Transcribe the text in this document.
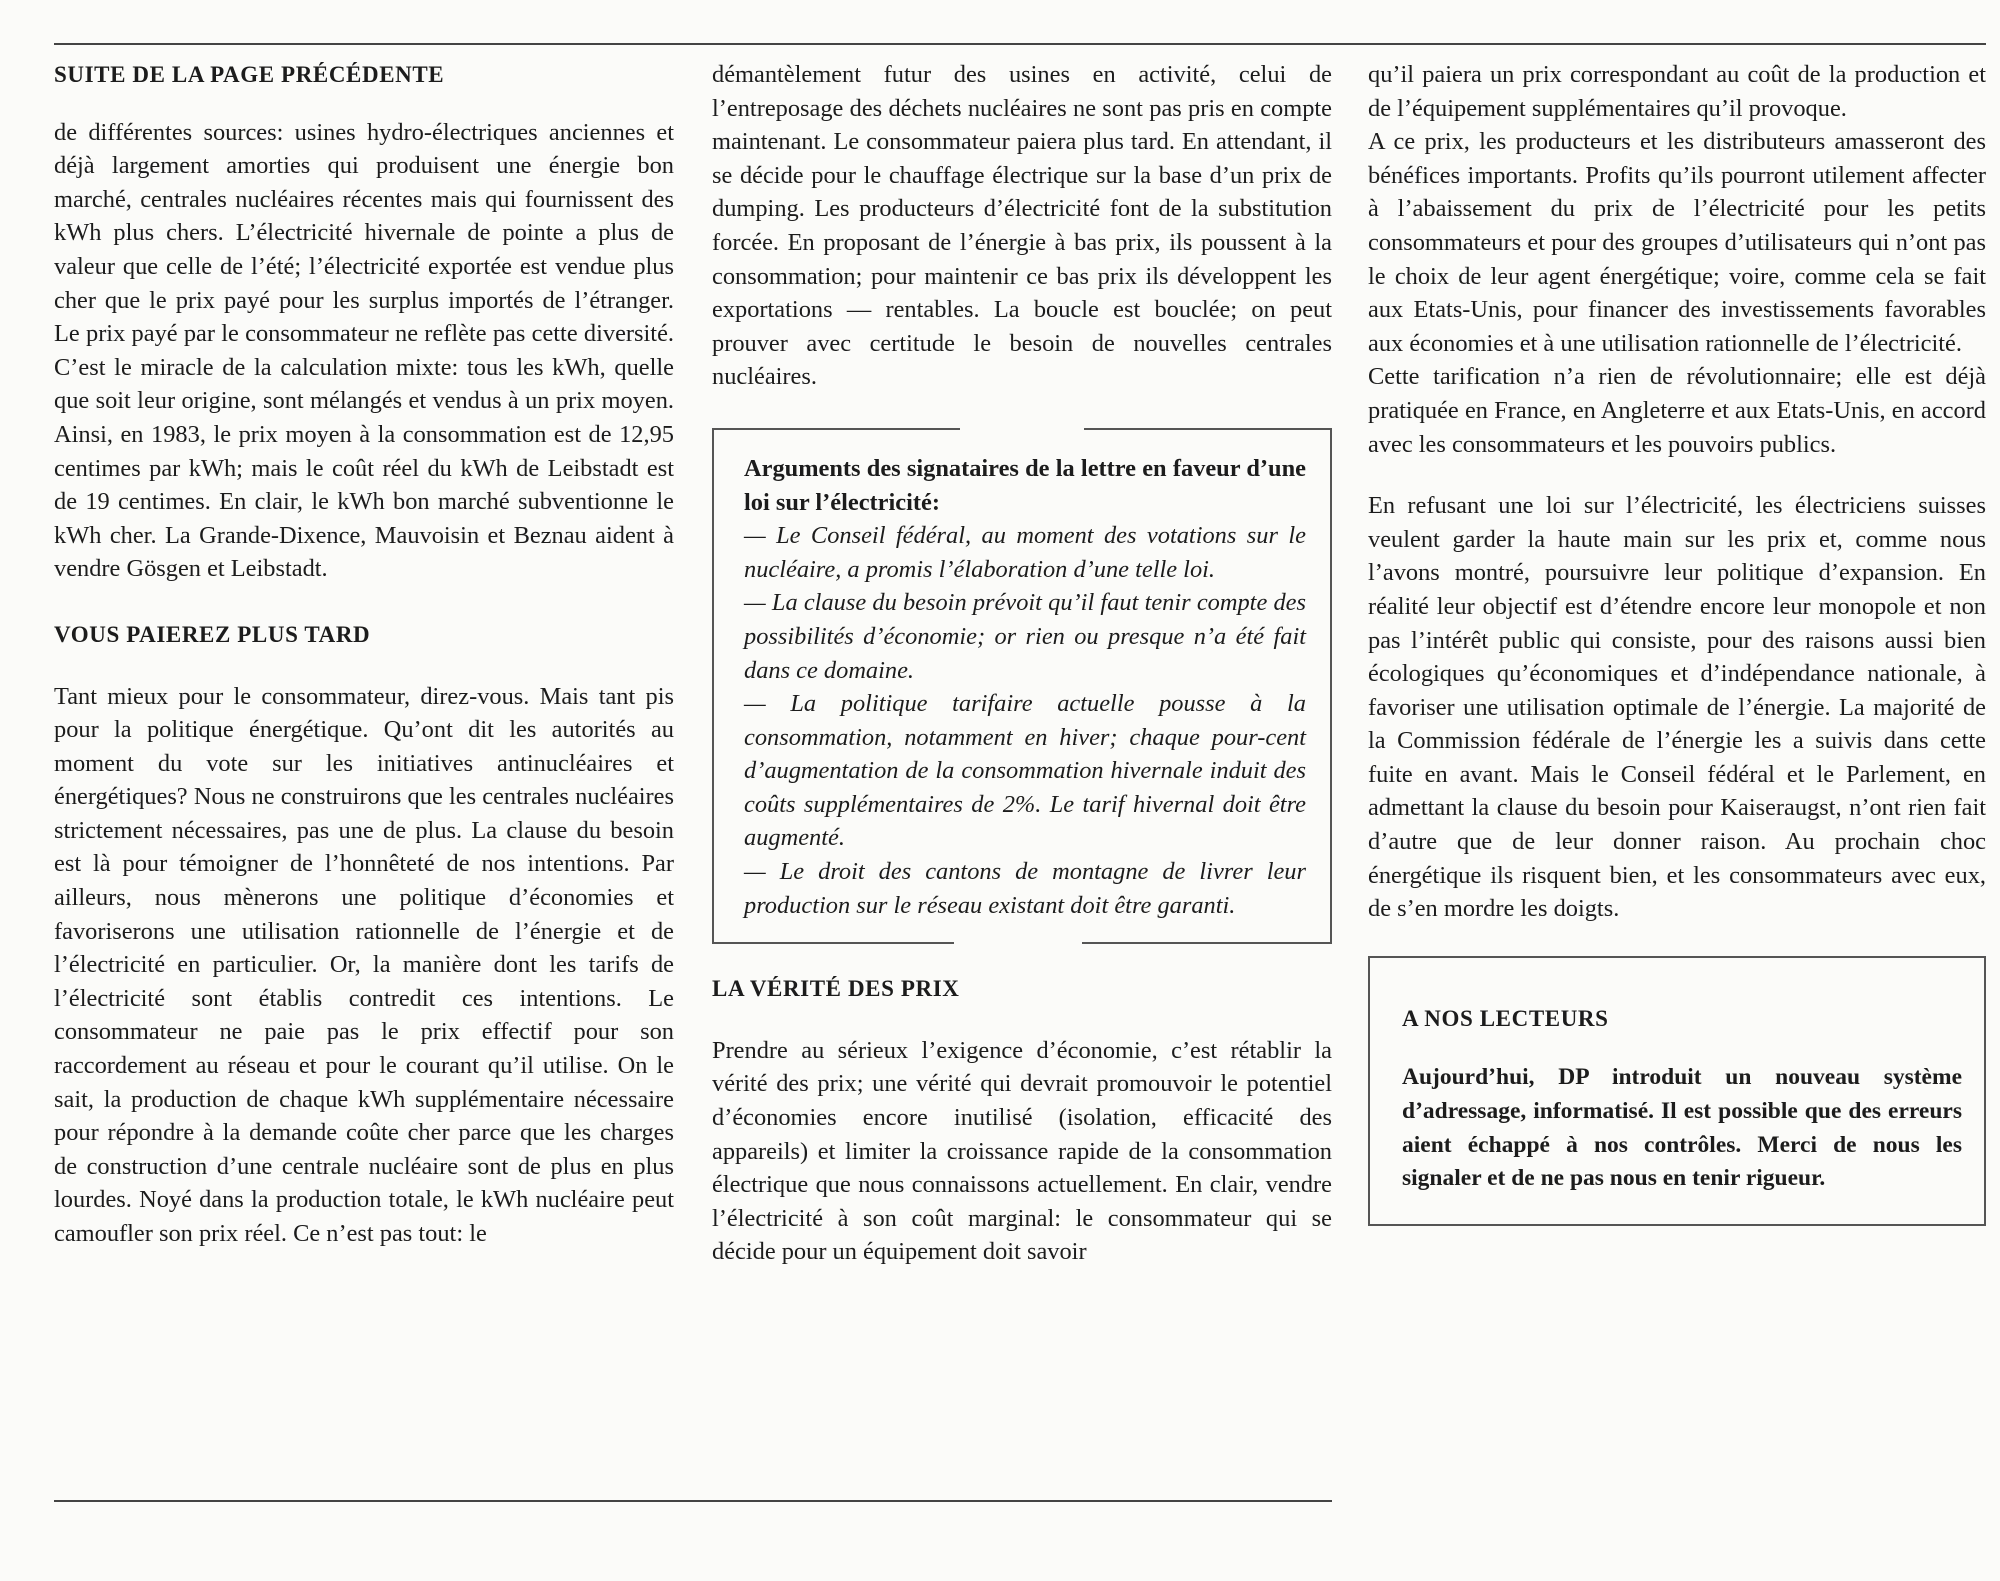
SUITE DE LA PAGE PRÉCÉDENTE

de différentes sources: usines hydro-électriques anciennes et déjà largement amorties qui produisent une énergie bon marché, centrales nucléaires récentes mais qui fournissent des kWh plus chers. L’électricité hivernale de pointe a plus de valeur que celle de l’été; l’électricité exportée est vendue plus cher que le prix payé pour les surplus importés de l’étranger. Le prix payé par le consommateur ne reflète pas cette diversité. C’est le miracle de la calculation mixte: tous les kWh, quelle que soit leur origine, sont mélangés et vendus à un prix moyen. Ainsi, en 1983, le prix moyen à la consommation est de 12,95 centimes par kWh; mais le coût réel du kWh de Leibstadt est de 19 centimes. En clair, le kWh bon marché subventionne le kWh cher. La Grande-Dixence, Mauvoisin et Beznau aident à vendre Gösgen et Leibstadt.

VOUS PAIEREZ PLUS TARD

Tant mieux pour le consommateur, direz-vous. Mais tant pis pour la politique énergétique. Qu’ont dit les autorités au moment du vote sur les initiatives antinucléaires et énergétiques? Nous ne construirons que les centrales nucléaires strictement nécessaires, pas une de plus. La clause du besoin est là pour témoigner de l’honnêteté de nos intentions. Par ailleurs, nous mènerons une politique d’économies et favoriserons une utilisation rationnelle de l’énergie et de l’électricité en particulier. Or, la manière dont les tarifs de l’électricité sont établis contredit ces intentions. Le consommateur ne paie pas le prix effectif pour son raccordement au réseau et pour le courant qu’il utilise. On le sait, la production de chaque kWh supplémentaire nécessaire pour répondre à la demande coûte cher parce que les charges de construction d’une centrale nucléaire sont de plus en plus lourdes. Noyé dans la production totale, le kWh nucléaire peut camoufler son prix réel. Ce n’est pas tout: le

démantèlement futur des usines en activité, celui de l’entreposage des déchets nucléaires ne sont pas pris en compte maintenant. Le consommateur paiera plus tard. En attendant, il se décide pour le chauffage électrique sur la base d’un prix de dumping. Les producteurs d’électricité font de la substitution forcée. En proposant de l’énergie à bas prix, ils poussent à la consommation; pour maintenir ce bas prix ils développent les exportations — rentables. La boucle est bouclée; on peut prouver avec certitude le besoin de nouvelles centrales nucléaires.

Arguments des signataires de la lettre en faveur d’une loi sur l’électricité:

— Le Conseil fédéral, au moment des votations sur le nucléaire, a promis l’élaboration d’une telle loi.

— La clause du besoin prévoit qu’il faut tenir compte des possibilités d’économie; or rien ou presque n’a été fait dans ce domaine.

— La politique tarifaire actuelle pousse à la consommation, notamment en hiver; chaque pour-cent d’augmentation de la consommation hivernale induit des coûts supplémentaires de 2%. Le tarif hivernal doit être augmenté.

— Le droit des cantons de montagne de livrer leur production sur le réseau existant doit être garanti.

LA VÉRITÉ DES PRIX

Prendre au sérieux l’exigence d’économie, c’est rétablir la vérité des prix; une vérité qui devrait promouvoir le potentiel d’économies encore inutilisé (isolation, efficacité des appareils) et limiter la croissance rapide de la consommation électrique que nous connaissons actuellement. En clair, vendre l’électricité à son coût marginal: le consommateur qui se décide pour un équipement doit savoir

qu’il paiera un prix correspondant au coût de la production et de l’équipement supplémentaires qu’il provoque.

A ce prix, les producteurs et les distributeurs amasseront des bénéfices importants. Profits qu’ils pourront utilement affecter à l’abaissement du prix de l’électricité pour les petits consommateurs et pour des groupes d’utilisateurs qui n’ont pas le choix de leur agent énergétique; voire, comme cela se fait aux Etats-Unis, pour financer des investissements favorables aux économies et à une utilisation rationnelle de l’électricité.

Cette tarification n’a rien de révolutionnaire; elle est déjà pratiquée en France, en Angleterre et aux Etats-Unis, en accord avec les consommateurs et les pouvoirs publics.

En refusant une loi sur l’électricité, les électriciens suisses veulent garder la haute main sur les prix et, comme nous l’avons montré, poursuivre leur politique d’expansion. En réalité leur objectif est d’étendre encore leur monopole et non pas l’intérêt public qui consiste, pour des raisons aussi bien écologiques qu’économiques et d’indépendance nationale, à favoriser une utilisation optimale de l’énergie. La majorité de la Commission fédérale de l’énergie les a suivis dans cette fuite en avant. Mais le Conseil fédéral et le Parlement, en admettant la clause du besoin pour Kaiseraugst, n’ont rien fait d’autre que de leur donner raison. Au prochain choc énergétique ils risquent bien, et les consommateurs avec eux, de s’en mordre les doigts.

A NOS LECTEURS

Aujourd’hui, DP introduit un nouveau système d’adressage, informatisé. Il est possible que des erreurs aient échappé à nos contrôles. Merci de nous les signaler et de ne pas nous en tenir rigueur.
